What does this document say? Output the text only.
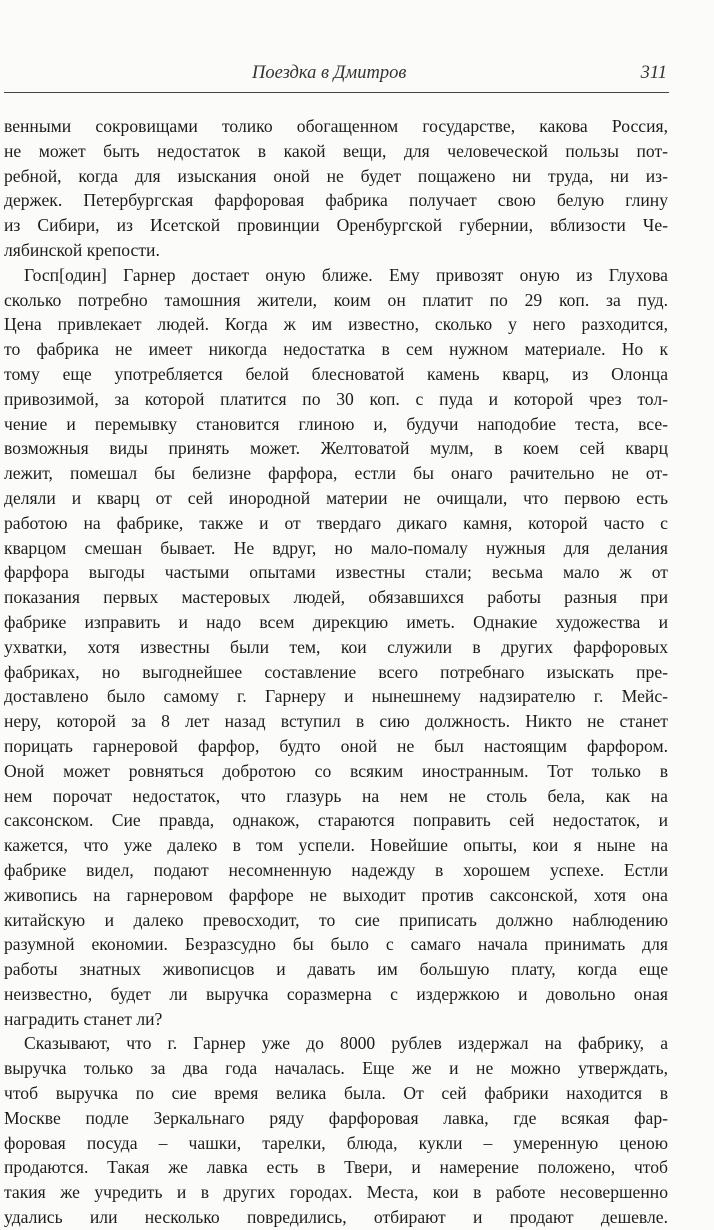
Поездка в Дмитров	311
венными сокровищами толико обогащенном государстве, какова Россия,
не может быть недостаток в какой вещи, для человеческой пользы пот-
ребной, когда для изыскания оной не будет пощажено ни труда, ни из-
держек. Петербургская фарфоровая фабрика получает свою белую глину
из Сибири, из Исетской провинции Оренбургской губернии, вблизости Че-
лябинской крепости.
Госп[один] Гарнер достает оную ближе. Ему привозят оную из Глухова
сколько потребно тамошния жители, коим он платит по 29 коп. за пуд.
Цена привлекает людей. Когда ж им известно, сколько у него разходится,
то фабрика не имеет никогда недостатка в сем нужном материале. Но к
тому еще употребляется белой блесноватой камень кварц, из Олонца
привозимой, за которой платится по 30 коп. с пуда и которой чрез тол-
чение и перемывку становится глиною и, будучи наподобие теста, все-
возможныя виды принять может. Желтоватой мулм, в коем сей кварц
лежит, помешал бы белизне фарфора, естли бы онаго рачительно не от-
деляли и кварц от сей инородной материи не очищали, что первою есть
работою на фабрике, также и от твердаго дикаго камня, которой часто с
кварцом смешан бывает. Не вдруг, но мало-помалу нужныя для делания
фарфора выгоды частыми опытами известны стали; весьма мало ж от
показания первых мастеровых людей, обязавшихся работы разныя при
фабрике изправить и надо всем дирекцию иметь. Однакие художества и
ухватки, хотя известны были тем, кои служили в других фарфоровых
фабриках, но выгоднейшее составление всего потребнаго изыскать пре-
доставлено было самому г. Гарнеру и нынешнему надзирателю г. Мейс-
неру, которой за 8 лет назад вступил в сию должность. Никто не станет
порицать гарнеровой фарфор, будто оной не был настоящим фарфором.
Оной может ровняться добротою со всяким иностранным. Тот только в
нем порочат недостаток, что глазурь на нем не столь бела, как на
саксонском. Сие правда, однакож, стараются поправить сей недостаток, и
кажется, что уже далеко в том успели. Новейшие опыты, кои я ныне на
фабрике видел, подают несомненную надежду в хорошем успехе. Естли
живопись на гарнеровом фарфоре не выходит против саксонской, хотя она
китайскую и далеко превосходит, то сие приписать должно наблюдению
разумной економии. Безразсудно бы было с самаго начала принимать для
работы знатных живописцов и давать им большую плату, когда еще
неизвестно, будет ли выручка соразмерна с издержкою и довольно оная
наградить станет ли?
Сказывают, что г. Гарнер уже до 8000 рублев издержал на фабрику, а
выручка только за два года началась. Еще же и не можно утверждать,
чтоб выручка по сие время велика была. От сей фабрики находится в
Москве подле Зеркальнаго ряду фарфоровая лавка, где всякая фар-
форовая посуда – чашки, тарелки, блюда, кукли – умеренную ценою
продаются. Такая же лавка есть в Твери, и намерение положено, чтоб
такия же учредить и в других городах. Места, кои в работе несовершенно
удались или несколько повредились, отбирают и продают дешевле.
